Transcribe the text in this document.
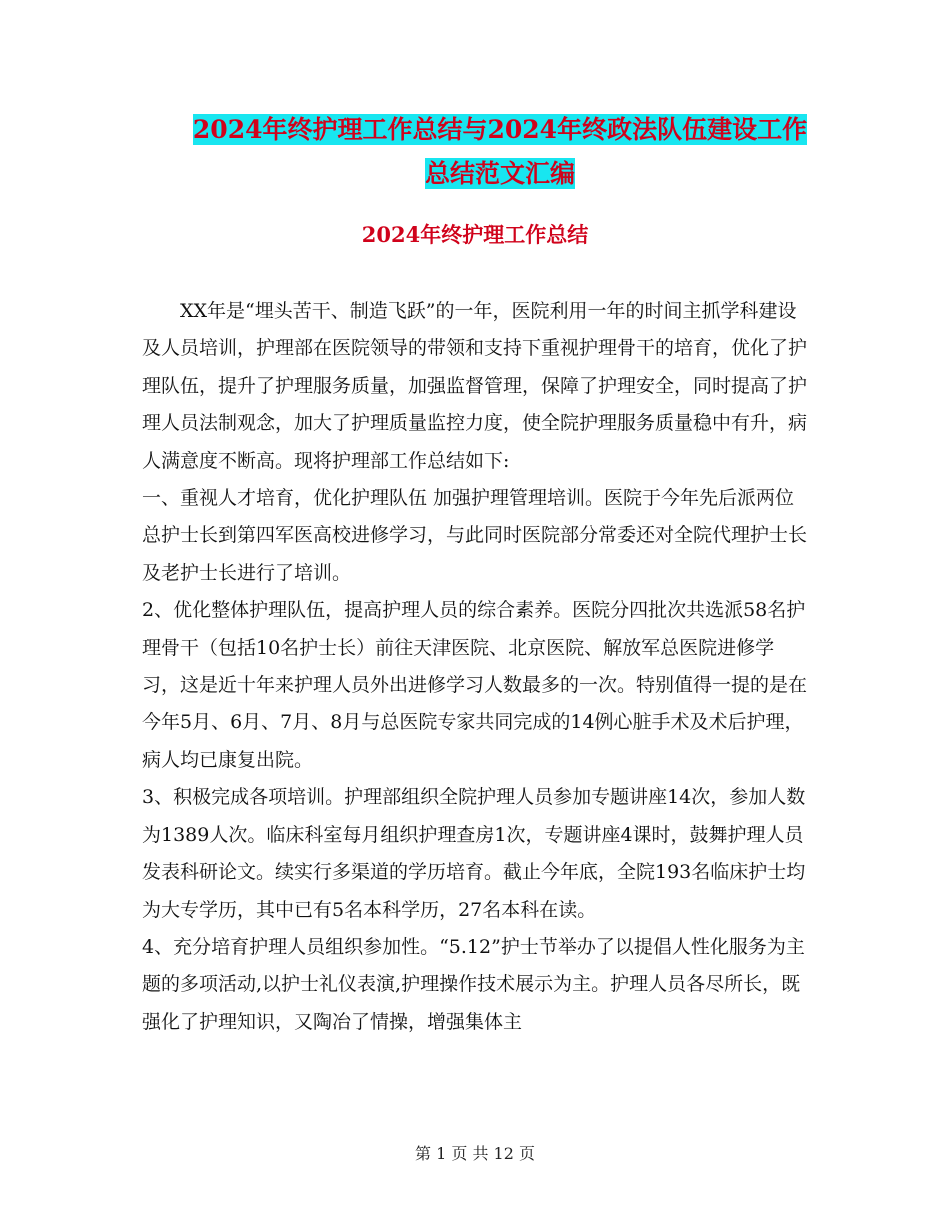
2024年终护理工作总结与2024年终政法队伍建设工作
总结范文汇编
2024年终护理工作总结

XX年是“埋头苦干、制造飞跃”的一年，医院利用一年的时间主抓学科建设及人员培训，护理部在医院领导的带领和支持下重视护理骨干的培育，优化了护理队伍，提升了护理服务质量，加强监督管理，保障了护理安全，同时提高了护理人员法制观念，加大了护理质量监控力度，使全院护理服务质量稳中有升，病人满意度不断高。现将护理部工作总结如下:

一、重视人才培育，优化护理队伍 加强护理管理培训。医院于今年先后派两位总护士长到第四军医高校进修学习，与此同时医院部分常委还对全院代理护士长及老护士长进行了培训。

2、优化整体护理队伍，提高护理人员的综合素养。医院分四批次共选派58名护理骨干（包括10名护士长）前往天津医院、北京医院、解放军总医院进修学习，这是近十年来护理人员外出进修学习人数最多的一次。特别值得一提的是在今年5月、6月、7月、8月与总医院专家共同完成的14例心脏手术及术后护理，病人均已康复出院。

3、积极完成各项培训。护理部组织全院护理人员参加专题讲座14次，参加人数为1389人次。临床科室每月组织护理查房1次，专题讲座4课时，鼓舞护理人员发表科研论文。续实行多渠道的学历培育。截止今年底，全院193名临床护士均为大专学历，其中已有5名本科学历，27名本科在读。

4、充分培育护理人员组织参加性。“5.12”护士节举办了以提倡人性化服务为主题的多项活动,以护士礼仪表演,护理操作技术展示为主。护理人员各尽所长，既强化了护理知识，又陶冶了情操，增强集体主

第 1 页 共 12 页
